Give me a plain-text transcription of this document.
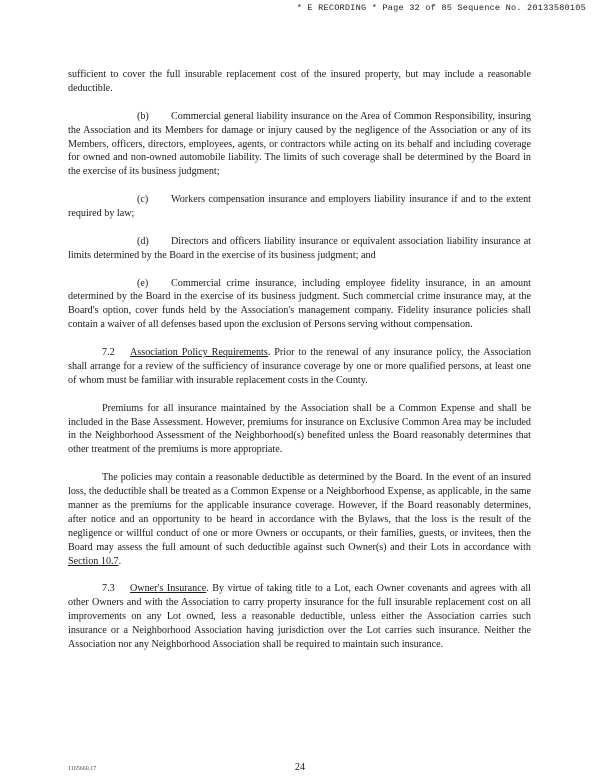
* E RECORDING * Page 32 of 85 Sequence No. 20133580105

sufficient to cover the full insurable replacement cost of the insured property, but may include a reasonable deductible.

(b) Commercial general liability insurance on the Area of Common Responsibility, insuring the Association and its Members for damage or injury caused by the negligence of the Association or any of its Members, officers, directors, employees, agents, or contractors while acting on its behalf and including coverage for owned and non-owned automobile liability. The limits of such coverage shall be determined by the Board in the exercise of its business judgment;

(c) Workers compensation insurance and employers liability insurance if and to the extent required by law;

(d) Directors and officers liability insurance or equivalent association liability insurance at limits determined by the Board in the exercise of its business judgment; and

(e) Commercial crime insurance, including employee fidelity insurance, in an amount determined by the Board in the exercise of its business judgment. Such commercial crime insurance may, at the Board's option, cover funds held by the Association's management company. Fidelity insurance policies shall contain a waiver of all defenses based upon the exclusion of Persons serving without compensation.

7.2 Association Policy Requirements. Prior to the renewal of any insurance policy, the Association shall arrange for a review of the sufficiency of insurance coverage by one or more qualified persons, at least one of whom must be familiar with insurable replacement costs in the County.

Premiums for all insurance maintained by the Association shall be a Common Expense and shall be included in the Base Assessment. However, premiums for insurance on Exclusive Common Area may be included in the Neighborhood Assessment of the Neighborhood(s) benefited unless the Board reasonably determines that other treatment of the premiums is more appropriate.

The policies may contain a reasonable deductible as determined by the Board. In the event of an insured loss, the deductible shall be treated as a Common Expense or a Neighborhood Expense, as applicable, in the same manner as the premiums for the applicable insurance coverage. However, if the Board reasonably determines, after notice and an opportunity to be heard in accordance with the Bylaws, that the loss is the result of the negligence or willful conduct of one or more Owners or occupants, or their families, guests, or invitees, then the Board may assess the full amount of such deductible against such Owner(s) and their Lots in accordance with Section 10.7.

7.3 Owner's Insurance. By virtue of taking title to a Lot, each Owner covenants and agrees with all other Owners and with the Association to carry property insurance for the full insurable replacement cost on all improvements on any Lot owned, less a reasonable deductible, unless either the Association carries such insurance or a Neighborhood Association having jurisdiction over the Lot carries such insurance. Neither the Association nor any Neighborhood Association shall be required to maintain such insurance.

1165660.17	24
